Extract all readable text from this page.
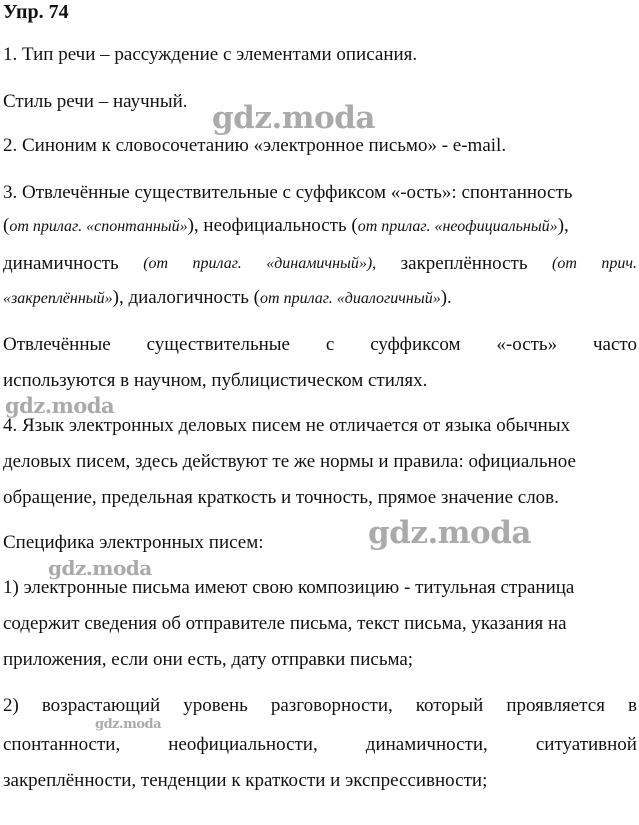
Упр. 74
1. Тип речи – рассуждение с элементами описания.
Стиль речи – научный.
2. Синоним к словосочетанию «электронное письмо» - e-mail.
3. Отвлечённые существительные с суффиксом «-ость»: спонтанность
(от прилаг. «спонтанный»), неофициальность (от прилаг. «неофициальный»),
динамичность (от прилаг. «динамичный»), закреплённость (от прич.
«закреплённый»), диалогичность (от прилаг. «диалогичный»).
Отвлечённые существительные с суффиксом «-ость» часто
используются в научном, публицистическом стилях.
4. Язык электронных деловых писем не отличается от языка обычных
деловых писем, здесь действуют те же нормы и правила: официальное
обращение, предельная краткость и точность, прямое значение слов.
Специфика электронных писем:
1) электронные письма имеют свою композицию - титульная страница
содержит сведения об отправителе письма, текст письма, указания на
приложения, если они есть, дату отправки письма;
2) возрастающий уровень разговорности, который проявляется в
спонтанности,	неофициальности,	динамичности,	ситуативной
закреплённости, тенденции к краткости и экспрессивности;
gdz.moda
gdz.moda
gdz.moda
gdz.moda
gdz.moda
